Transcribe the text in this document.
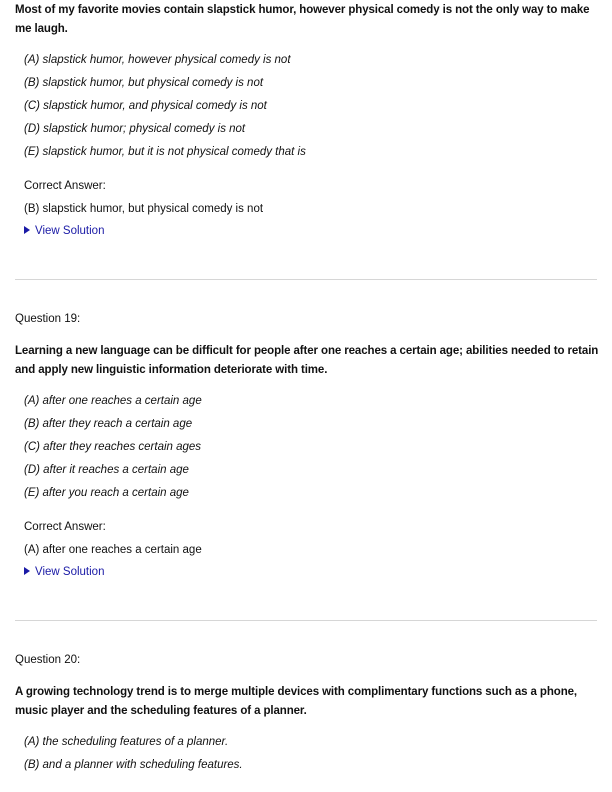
Most of my favorite movies contain slapstick humor, however physical comedy is not the only way to make me laugh.
(A) slapstick humor, however physical comedy is not
(B) slapstick humor, but physical comedy is not
(C) slapstick humor, and physical comedy is not
(D) slapstick humor; physical comedy is not
(E) slapstick humor, but it is not physical comedy that is
Correct Answer:
(B) slapstick humor, but physical comedy is not
View Solution
Question 19:
Learning a new language can be difficult for people after one reaches a certain age; abilities needed to retain and apply new linguistic information deteriorate with time.
(A) after one reaches a certain age
(B) after they reach a certain age
(C) after they reaches certain ages
(D) after it reaches a certain age
(E) after you reach a certain age
Correct Answer:
(A) after one reaches a certain age
View Solution
Question 20:
A growing technology trend is to merge multiple devices with complimentary functions such as a phone, music player and the scheduling features of a planner.
(A) the scheduling features of a planner.
(B) and a planner with scheduling features.
